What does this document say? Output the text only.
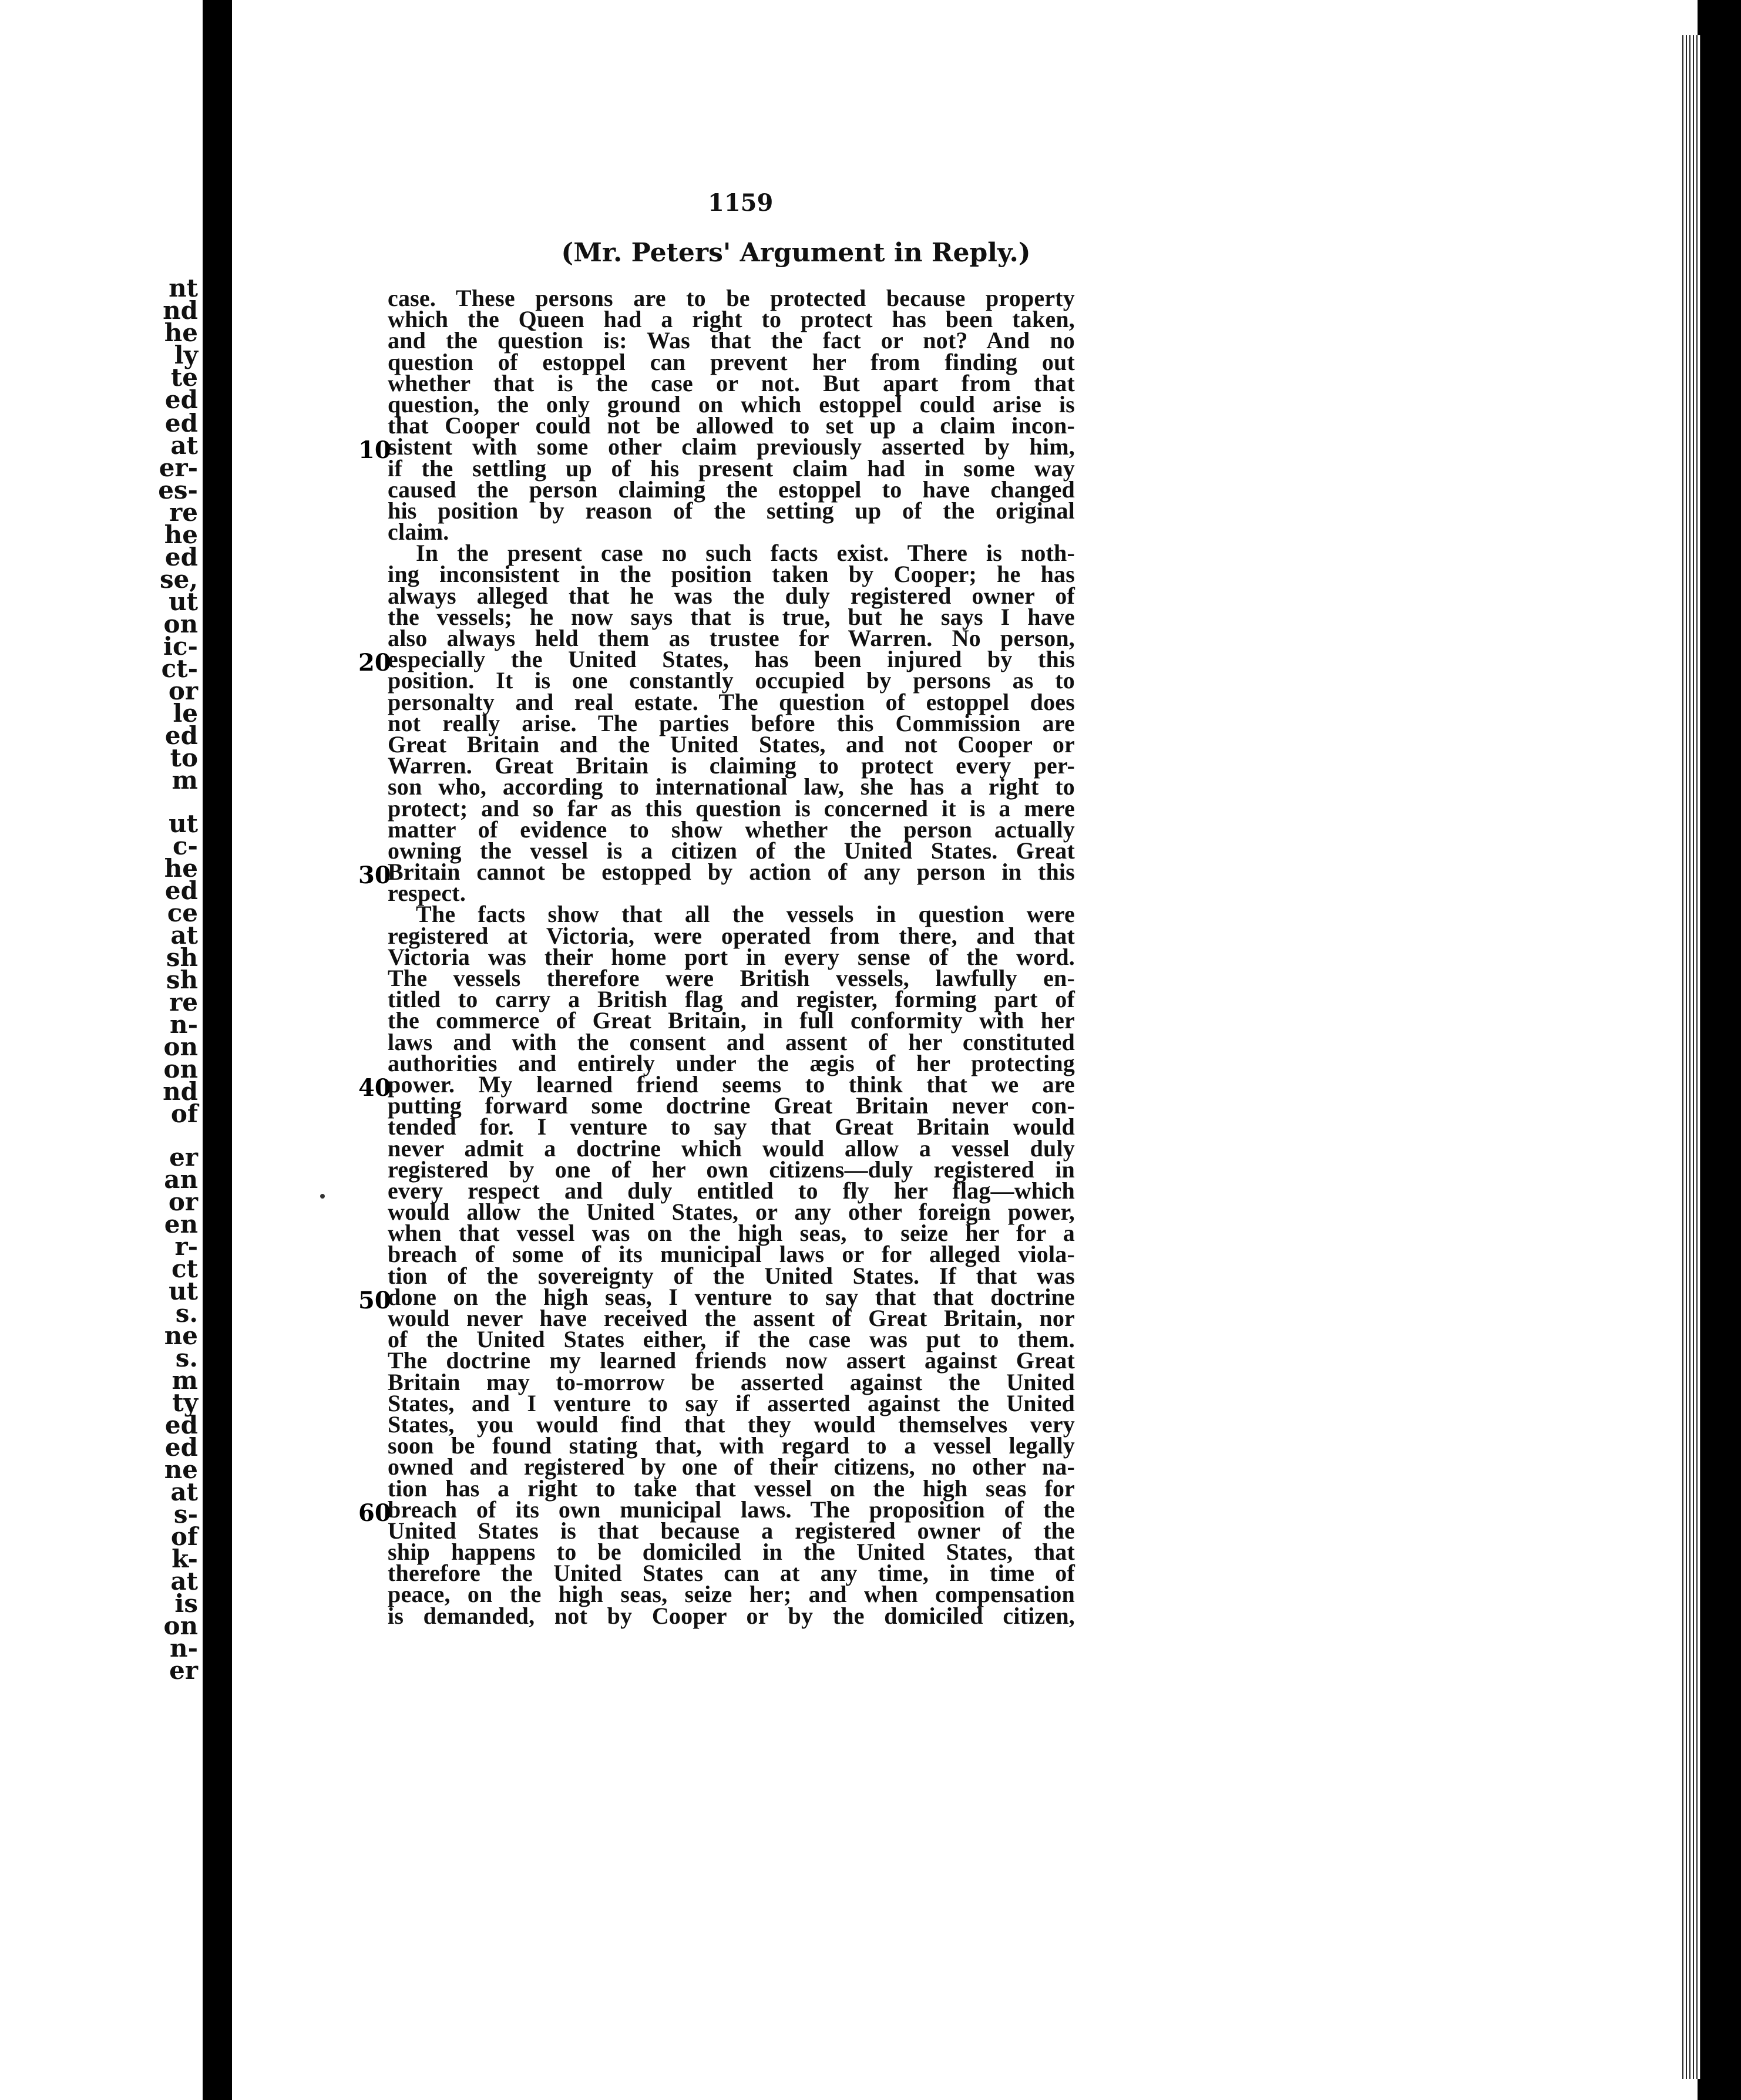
nt
nd
he
ly
te
ed
ed
at
er-
es-
re
he
ed
se,
ut
on
ic-
ct-
or
le
ed
to
m
ut
c-
he
ed
ce
at
sh
sh
re
n-
on
on
nd
of
er
an
or
en
r-
ct
ut
s.
ne
s.
m
ty
ed
ed
ne
at
s-
of
k-
at
is
on
n-
er
1159
(Mr. Peters' Argument in Reply.)
case. These persons are to be protected because property
which the Queen had a right to protect has been taken,
and the question is: Was that the fact or not? And no
question of estoppel can prevent her from finding out
whether that is the case or not. But apart from that
question, the only ground on which estoppel could arise is
that Cooper could not be allowed to set up a claim incon-
10
sistent with some other claim previously asserted by him,
if the settling up of his present claim had in some way
caused the person claiming the estoppel to have changed
his position by reason of the setting up of the original
claim.
In the present case no such facts exist. There is noth-
ing inconsistent in the position taken by Cooper; he has
always alleged that he was the duly registered owner of
the vessels; he now says that is true, but he says I have
also always held them as trustee for Warren. No person,
20
especially the United States, has been injured by this
position. It is one constantly occupied by persons as to
personalty and real estate. The question of estoppel does
not really arise. The parties before this Commission are
Great Britain and the United States, and not Cooper or
Warren. Great Britain is claiming to protect every per-
son who, according to international law, she has a right to
protect; and so far as this question is concerned it is a mere
matter of evidence to show whether the person actually
owning the vessel is a citizen of the United States. Great
30
Britain cannot be estopped by action of any person in this
respect.
The facts show that all the vessels in question were
registered at Victoria, were operated from there, and that
Victoria was their home port in every sense of the word.
The vessels therefore were British vessels, lawfully en-
titled to carry a British flag and register, forming part of
the commerce of Great Britain, in full conformity with her
laws and with the consent and assent of her constituted
authorities and entirely under the ægis of her protecting
40
power. My learned friend seems to think that we are
putting forward some doctrine Great Britain never con-
tended for. I venture to say that Great Britain would
never admit a doctrine which would allow a vessel duly
registered by one of her own citizens—duly registered in
every respect and duly entitled to fly her flag—which
would allow the United States, or any other foreign power,
when that vessel was on the high seas, to seize her for a
breach of some of its municipal laws or for alleged viola-
tion of the sovereignty of the United States. If that was
50
done on the high seas, I venture to say that that doctrine
would never have received the assent of Great Britain, nor
of the United States either, if the case was put to them.
The doctrine my learned friends now assert against Great
Britain may to-morrow be asserted against the United
States, and I venture to say if asserted against the United
States, you would find that they would themselves very
soon be found stating that, with regard to a vessel legally
owned and registered by one of their citizens, no other na-
tion has a right to take that vessel on the high seas for
60
breach of its own municipal laws. The proposition of the
United States is that because a registered owner of the
ship happens to be domiciled in the United States, that
therefore the United States can at any time, in time of
peace, on the high seas, seize her; and when compensation
is demanded, not by Cooper or by the domiciled citizen,
